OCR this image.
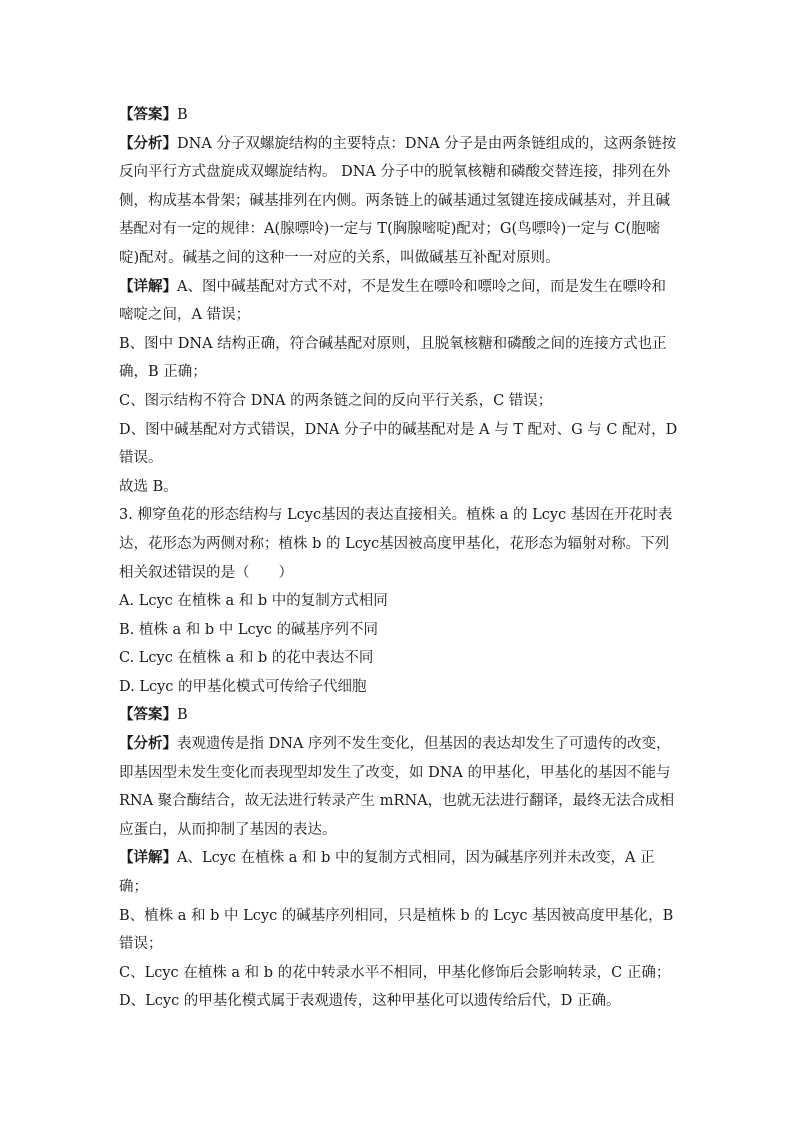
【答案】B

【分析】DNA 分子双螺旋结构的主要特点：DNA 分子是由两条链组成的，这两条链按反向平行方式盘旋成双螺旋结构。 DNA 分子中的脱氧核糖和磷酸交替连接，排列在外侧，构成基本骨架；碱基排列在内侧。两条链上的碱基通过氢键连接成碱基对，并且碱基配对有一定的规律：A(腺嘌呤)一定与 T(胸腺嘧啶)配对；G(鸟嘌呤)一定与 C(胞嘧啶)配对。碱基之间的这种一一对应的关系，叫做碱基互补配对原则。

【详解】A、图中碱基配对方式不对，不是发生在嘌呤和嘌呤之间，而是发生在嘌呤和嘧啶之间，A 错误；

B、图中 DNA 结构正确，符合碱基配对原则，且脱氧核糖和磷酸之间的连接方式也正确，B 正确；

C、图示结构不符合 DNA 的两条链之间的反向平行关系，C 错误；

D、图中碱基配对方式错误，DNA 分子中的碱基配对是 A 与 T 配对、G 与 C 配对，D 错误。

故选 B。

3. 柳穿鱼花的形态结构与 Lcyc基因的表达直接相关。植株 a 的 Lcyc 基因在开花时表达，花形态为两侧对称；植株 b 的 Lcyc基因被高度甲基化，花形态为辐射对称。下列相关叙述错误的是（　　）

A. Lcyc 在植株 a 和 b 中的复制方式相同

B. 植株 a 和 b 中 Lcyc 的碱基序列不同

C. Lcyc 在植株 a 和 b 的花中表达不同

D. Lcyc 的甲基化模式可传给子代细胞

【答案】B

【分析】表观遗传是指 DNA 序列不发生变化，但基因的表达却发生了可遗传的改变，即基因型未发生变化而表现型却发生了改变，如 DNA 的甲基化，甲基化的基因不能与 RNA 聚合酶结合，故无法进行转录产生 mRNA，也就无法进行翻译，最终无法合成相应蛋白，从而抑制了基因的表达。

【详解】A、Lcyc 在植株 a 和 b 中的复制方式相同，因为碱基序列并未改变，A 正确；

B、植株 a 和 b 中 Lcyc 的碱基序列相同，只是植株 b 的 Lcyc 基因被高度甲基化，B 错误；

C、Lcyc 在植株 a 和 b 的花中转录水平不相同，甲基化修饰后会影响转录，C 正确；

D、Lcyc 的甲基化模式属于表观遗传，这种甲基化可以遗传给后代，D 正确。
